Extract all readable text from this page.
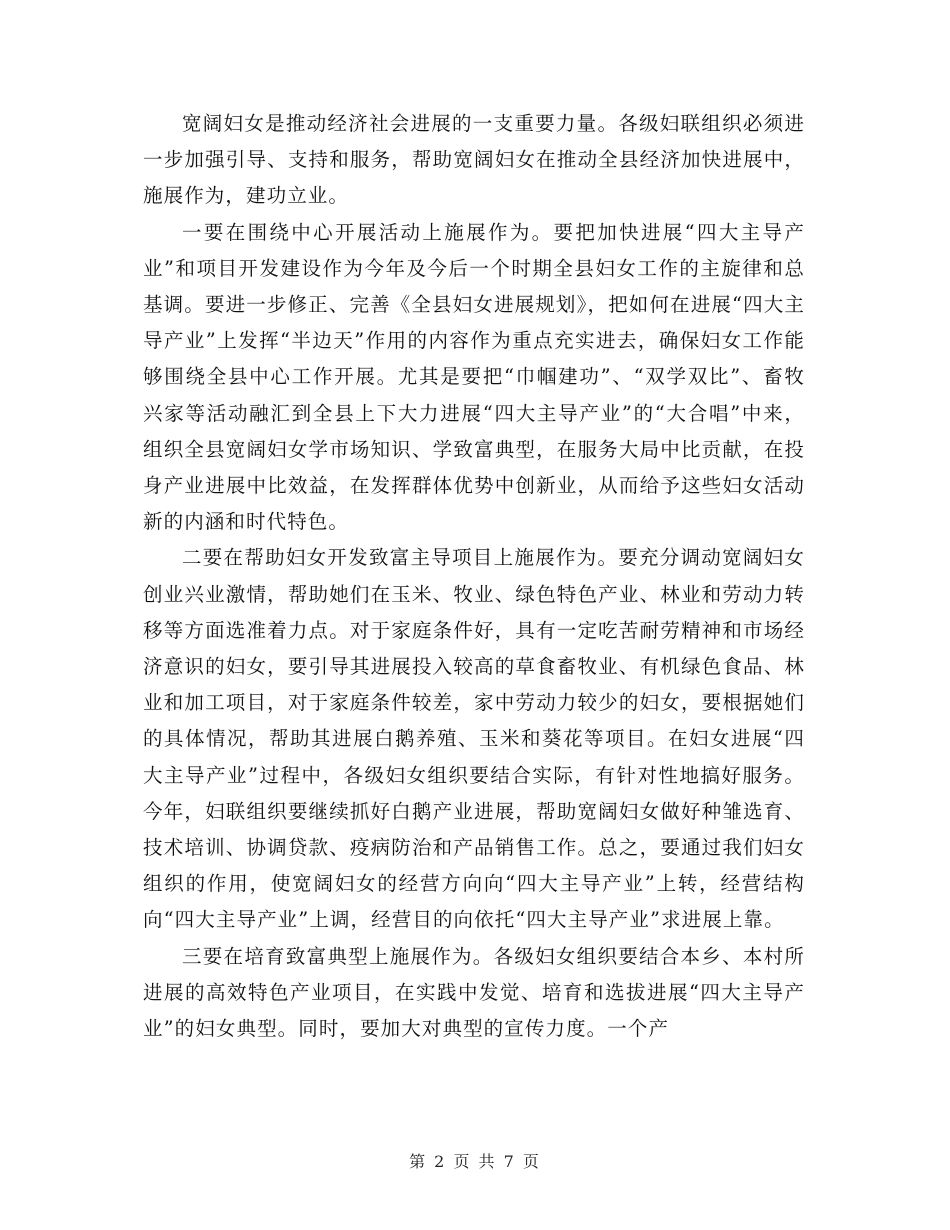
宽阔妇女是推动经济社会进展的一支重要力量。各级妇联组织必须进一步加强引导、支持和服务，帮助宽阔妇女在推动全县经济加快进展中，施展作为，建功立业。

一要在围绕中心开展活动上施展作为。要把加快进展“四大主导产业”和项目开发建设作为今年及今后一个时期全县妇女工作的主旋律和总基调。要进一步修正、完善《全县妇女进展规划》，把如何在进展“四大主导产业”上发挥“半边天”作用的内容作为重点充实进去，确保妇女工作能够围绕全县中心工作开展。尤其是要把“巾帼建功”、“双学双比”、畜牧兴家等活动融汇到全县上下大力进展“四大主导产业”的“大合唱”中来，组织全县宽阔妇女学市场知识、学致富典型，在服务大局中比贡献，在投身产业进展中比效益，在发挥群体优势中创新业，从而给予这些妇女活动新的内涵和时代特色。

二要在帮助妇女开发致富主导项目上施展作为。要充分调动宽阔妇女创业兴业激情，帮助她们在玉米、牧业、绿色特色产业、林业和劳动力转移等方面选准着力点。对于家庭条件好，具有一定吃苦耐劳精神和市场经济意识的妇女，要引导其进展投入较高的草食畜牧业、有机绿色食品、林业和加工项目，对于家庭条件较差，家中劳动力较少的妇女，要根据她们的具体情况，帮助其进展白鹅养殖、玉米和葵花等项目。在妇女进展“四大主导产业”过程中，各级妇女组织要结合实际，有针对性地搞好服务。今年，妇联组织要继续抓好白鹅产业进展，帮助宽阔妇女做好种雏选育、技术培训、协调贷款、疫病防治和产品销售工作。总之，要通过我们妇女组织的作用，使宽阔妇女的经营方向向“四大主导产业”上转，经营结构向“四大主导产业”上调，经营目的向依托“四大主导产业”求进展上靠。

三要在培育致富典型上施展作为。各级妇女组织要结合本乡、本村所进展的高效特色产业项目，在实践中发觉、培育和选拔进展“四大主导产业”的妇女典型。同时，要加大对典型的宣传力度。一个产

第 2 页 共 7 页
